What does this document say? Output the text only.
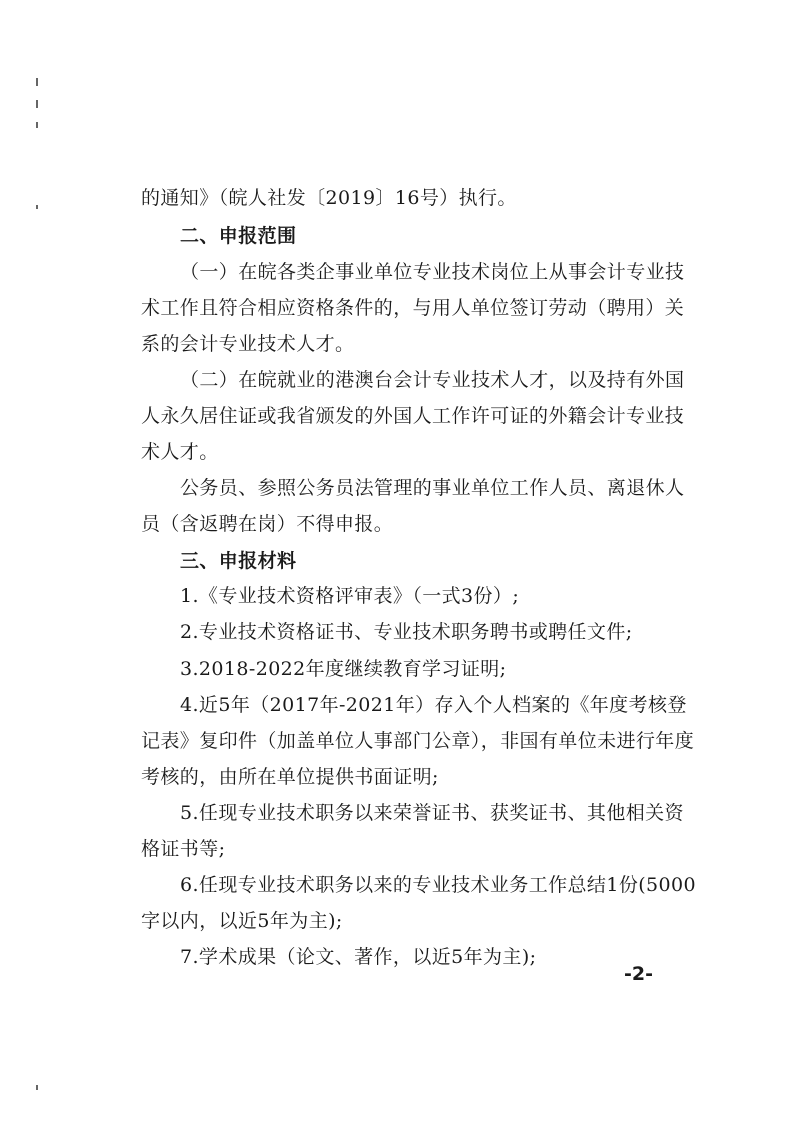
的通知》（皖人社发〔2019〕16号）执行。
二、申报范围
（一）在皖各类企事业单位专业技术岗位上从事会计专业技
术工作且符合相应资格条件的，与用人单位签订劳动（聘用）关
系的会计专业技术人才。
（二）在皖就业的港澳台会计专业技术人才，以及持有外国
人永久居住证或我省颁发的外国人工作许可证的外籍会计专业技
术人才。
公务员、参照公务员法管理的事业单位工作人员、离退休人
员（含返聘在岗）不得申报。
三、申报材料
1.《专业技术资格评审表》（一式3份）;
2.专业技术资格证书、专业技术职务聘书或聘任文件;
3.2018-2022年度继续教育学习证明;
4.近5年（2017年-2021年）存入个人档案的《年度考核登
记表》复印件（加盖单位人事部门公章），非国有单位未进行年度
考核的，由所在单位提供书面证明;
5.任现专业技术职务以来荣誉证书、获奖证书、其他相关资
格证书等;
6.任现专业技术职务以来的专业技术业务工作总结1份(5000
字以内，以近5年为主);
7.学术成果（论文、著作，以近5年为主);
-2-
